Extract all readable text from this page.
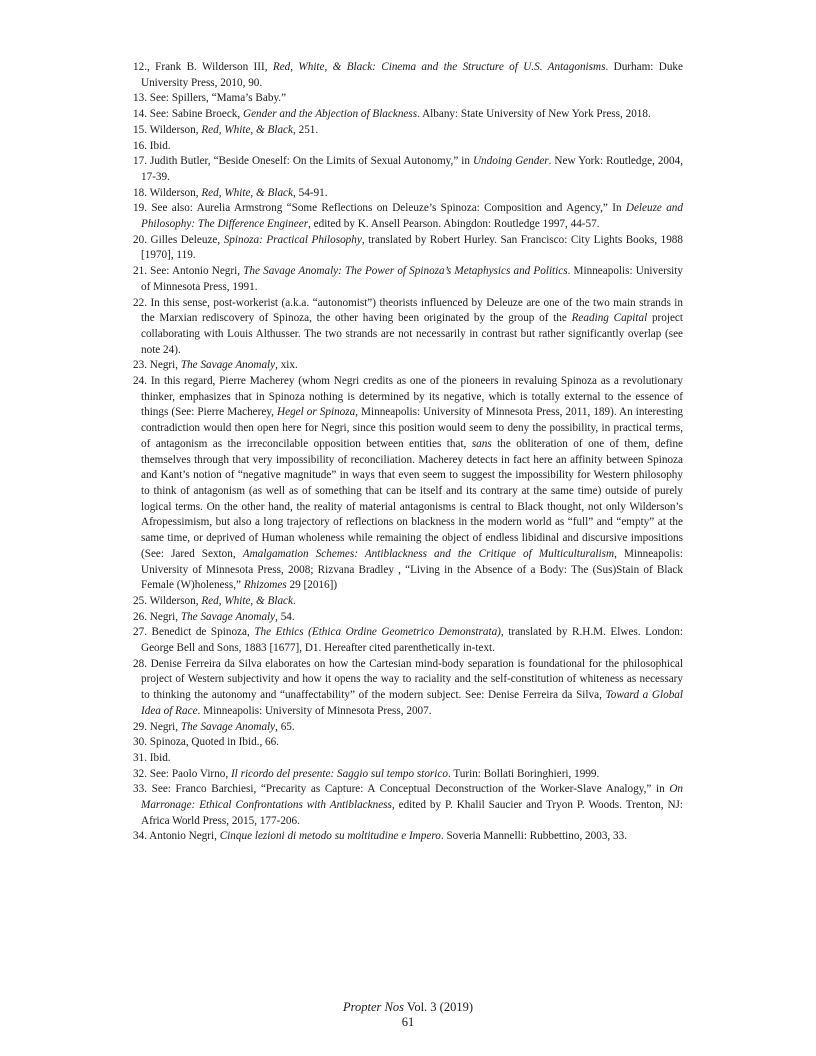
12., Frank B. Wilderson III, Red, White, & Black: Cinema and the Structure of U.S. Antagonisms. Durham: Duke University Press, 2010, 90.
13. See: Spillers, “Mama’s Baby.”
14. See: Sabine Broeck, Gender and the Abjection of Blackness. Albany: State University of New York Press, 2018.
15. Wilderson, Red, White, & Black, 251.
16. Ibid.
17. Judith Butler, “Beside Oneself: On the Limits of Sexual Autonomy,” in Undoing Gender. New York: Routledge, 2004, 17-39.
18. Wilderson, Red, White, & Black, 54-91.
19. See also: Aurelia Armstrong “Some Reflections on Deleuze’s Spinoza: Composition and Agency,” In Deleuze and Philosophy: The Difference Engineer, edited by K. Ansell Pearson. Abingdon: Routledge 1997, 44-57.
20. Gilles Deleuze, Spinoza: Practical Philosophy, translated by Robert Hurley. San Francisco: City Lights Books, 1988 [1970], 119.
21. See: Antonio Negri, The Savage Anomaly: The Power of Spinoza’s Metaphysics and Politics. Minneapolis: University of Minnesota Press, 1991.
22. In this sense, post-workerist (a.k.a. “autonomist”) theorists influenced by Deleuze are one of the two main strands in the Marxian rediscovery of Spinoza, the other having been originated by the group of the Reading Capital project collaborating with Louis Althusser. The two strands are not necessarily in contrast but rather significantly overlap (see note 24).
23. Negri, The Savage Anomaly, xix.
24. In this regard, Pierre Macherey (whom Negri credits as one of the pioneers in revaluing Spinoza as a revolutionary thinker, emphasizes that in Spinoza nothing is determined by its negative, which is totally external to the essence of things (See: Pierre Macherey, Hegel or Spinoza, Minneapolis: University of Minnesota Press, 2011, 189). An interesting contradiction would then open here for Negri, since this position would seem to deny the possibility, in practical terms, of antagonism as the irreconcilable opposition between entities that, sans the obliteration of one of them, define themselves through that very impossibility of reconciliation. Macherey detects in fact here an affinity between Spinoza and Kant’s notion of “negative magnitude” in ways that even seem to suggest the impossibility for Western philosophy to think of antagonism (as well as of something that can be itself and its contrary at the same time) outside of purely logical terms. On the other hand, the reality of material antagonisms is central to Black thought, not only Wilderson’s Afropessimism, but also a long trajectory of reflections on blackness in the modern world as “full” and “empty” at the same time, or deprived of Human wholeness while remaining the object of endless libidinal and discursive impositions (See: Jared Sexton, Amalgamation Schemes: Antiblackness and the Critique of Multiculturalism, Minneapolis: University of Minnesota Press, 2008; Rizvana Bradley , “Living in the Absence of a Body: The (Sus)Stain of Black Female (W)holeness,” Rhizomes 29 [2016])
25. Wilderson, Red, White, & Black.
26. Negri, The Savage Anomaly, 54.
27. Benedict de Spinoza, The Ethics (Ethica Ordine Geometrico Demonstrata), translated by R.H.M. Elwes. London: George Bell and Sons, 1883 [1677], D1. Hereafter cited parenthetically in-text.
28. Denise Ferreira da Silva elaborates on how the Cartesian mind-body separation is foundational for the philosophical project of Western subjectivity and how it opens the way to raciality and the self-constitution of whiteness as necessary to thinking the autonomy and “unaffectability” of the modern subject. See: Denise Ferreira da Silva, Toward a Global Idea of Race. Minneapolis: University of Minnesota Press, 2007.
29. Negri, The Savage Anomaly, 65.
30. Spinoza, Quoted in Ibid., 66.
31. Ibid.
32. See: Paolo Virno, Il ricordo del presente: Saggio sul tempo storico. Turin: Bollati Boringhieri, 1999.
33. See: Franco Barchiesi, “Precarity as Capture: A Conceptual Deconstruction of the Worker-Slave Analogy,” in On Marronage: Ethical Confrontations with Antiblackness, edited by P. Khalil Saucier and Tryon P. Woods. Trenton, NJ: Africa World Press, 2015, 177-206.
34. Antonio Negri, Cinque lezioni di metodo su moltitudine e Impero. Soveria Mannelli: Rubbettino, 2003, 33.
Propter Nos Vol. 3 (2019)
61
